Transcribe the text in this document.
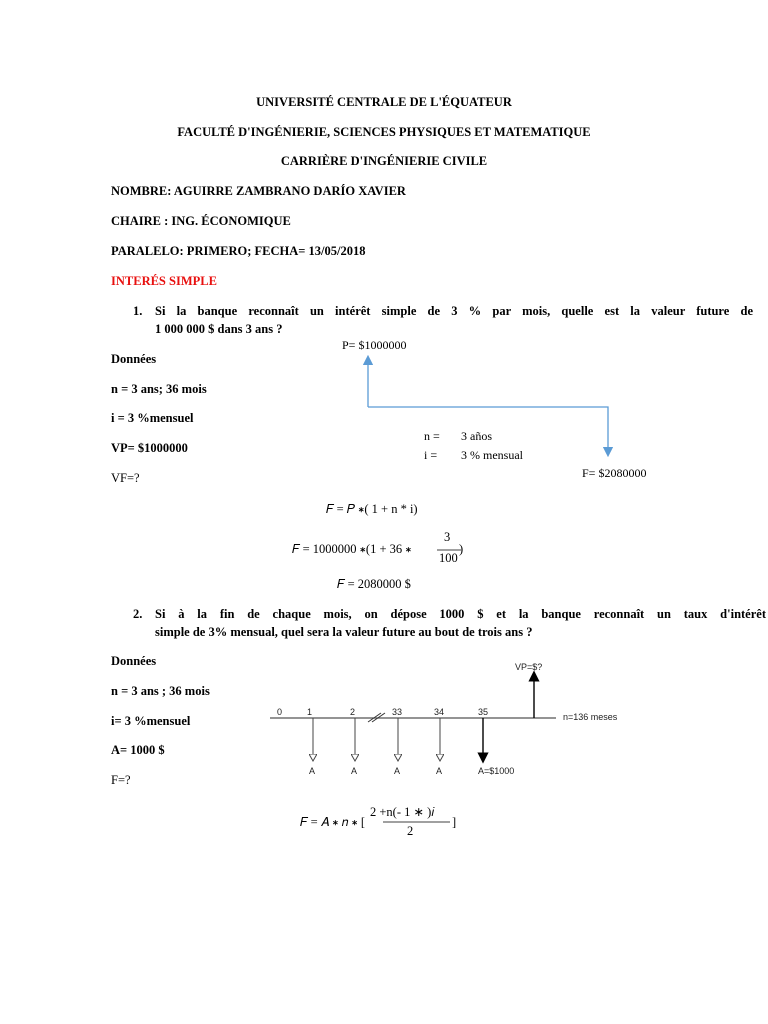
UNIVERSITÉ CENTRALE DE L'ÉQUATEUR
FACULTÉ D'INGÉNIERIE, SCIENCES PHYSIQUES ET MATEMATIQUE
CARRIÈRE D'INGÉNIERIE CIVILE
NOMBRE: AGUIRRE ZAMBRANO DARÍO XAVIER
CHAIRE : ING. ÉCONOMIQUE
PARALELO: PRIMERO; FECHA= 13/05/2018
INTERÉS SIMPLE
1. Si la banque reconnaît un intérêt simple de 3 % par mois, quelle est la valeur future de
1 000 000 $ dans 3 ans ?
Données
n = 3 ans; 36 mois
i = 3 %mensuel
VP= $1000000
VF=?
P= $1000000
n = 3 años
i = 3 % mensual
F= $2080000
𝐹 = 𝑃 ∗( 1 + n * i)
𝐹 = 1000000 ∗(1 + 36 ∗
3
100
)
𝐹 = 2080000 $
2. Si à la fin de chaque mois, on dépose 1000 $ et la banque reconnaît un taux d'intérêt
simple de 3% mensual, quel sera la valeur future au bout de trois ans ?
Données
n = 3 ans ; 36 mois
i= 3 %mensuel
A= 1000 $
F=?
VP=$?
0	1	2	33	34	35	n=136 meses
A	A	A	A	A=$1000
𝐹 = 𝐴 ∗ 𝑛 ∗ [
2 +n(- 1 ∗ )𝑖
2
]
